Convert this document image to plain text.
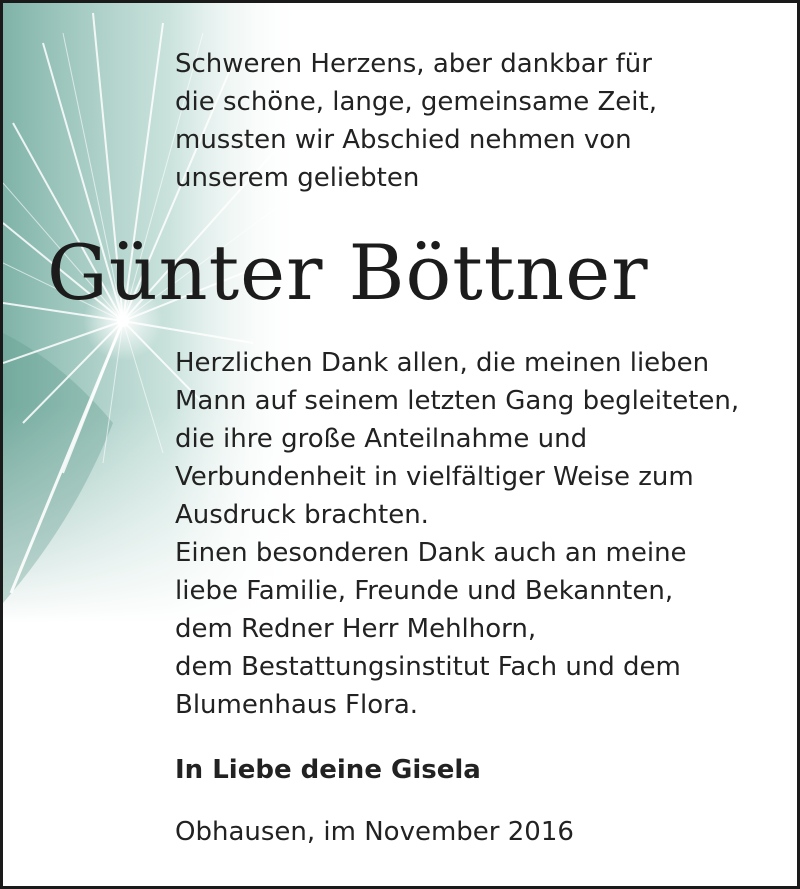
Schweren Herzens, aber dankbar für
die schöne, lange, gemeinsame Zeit,
mussten wir Abschied nehmen von
unserem geliebten
Günter Böttner
Herzlichen Dank allen, die meinen lieben
Mann auf seinem letzten Gang begleiteten,
die ihre große Anteilnahme und
Verbundenheit in vielfältiger Weise zum
Ausdruck brachten.
Einen besonderen Dank auch an meine
liebe Familie, Freunde und Bekannten,
dem Redner Herr Mehlhorn,
dem Bestattungsinstitut Fach und dem
Blumenhaus Flora.
In Liebe deine Gisela
Obhausen, im November 2016
